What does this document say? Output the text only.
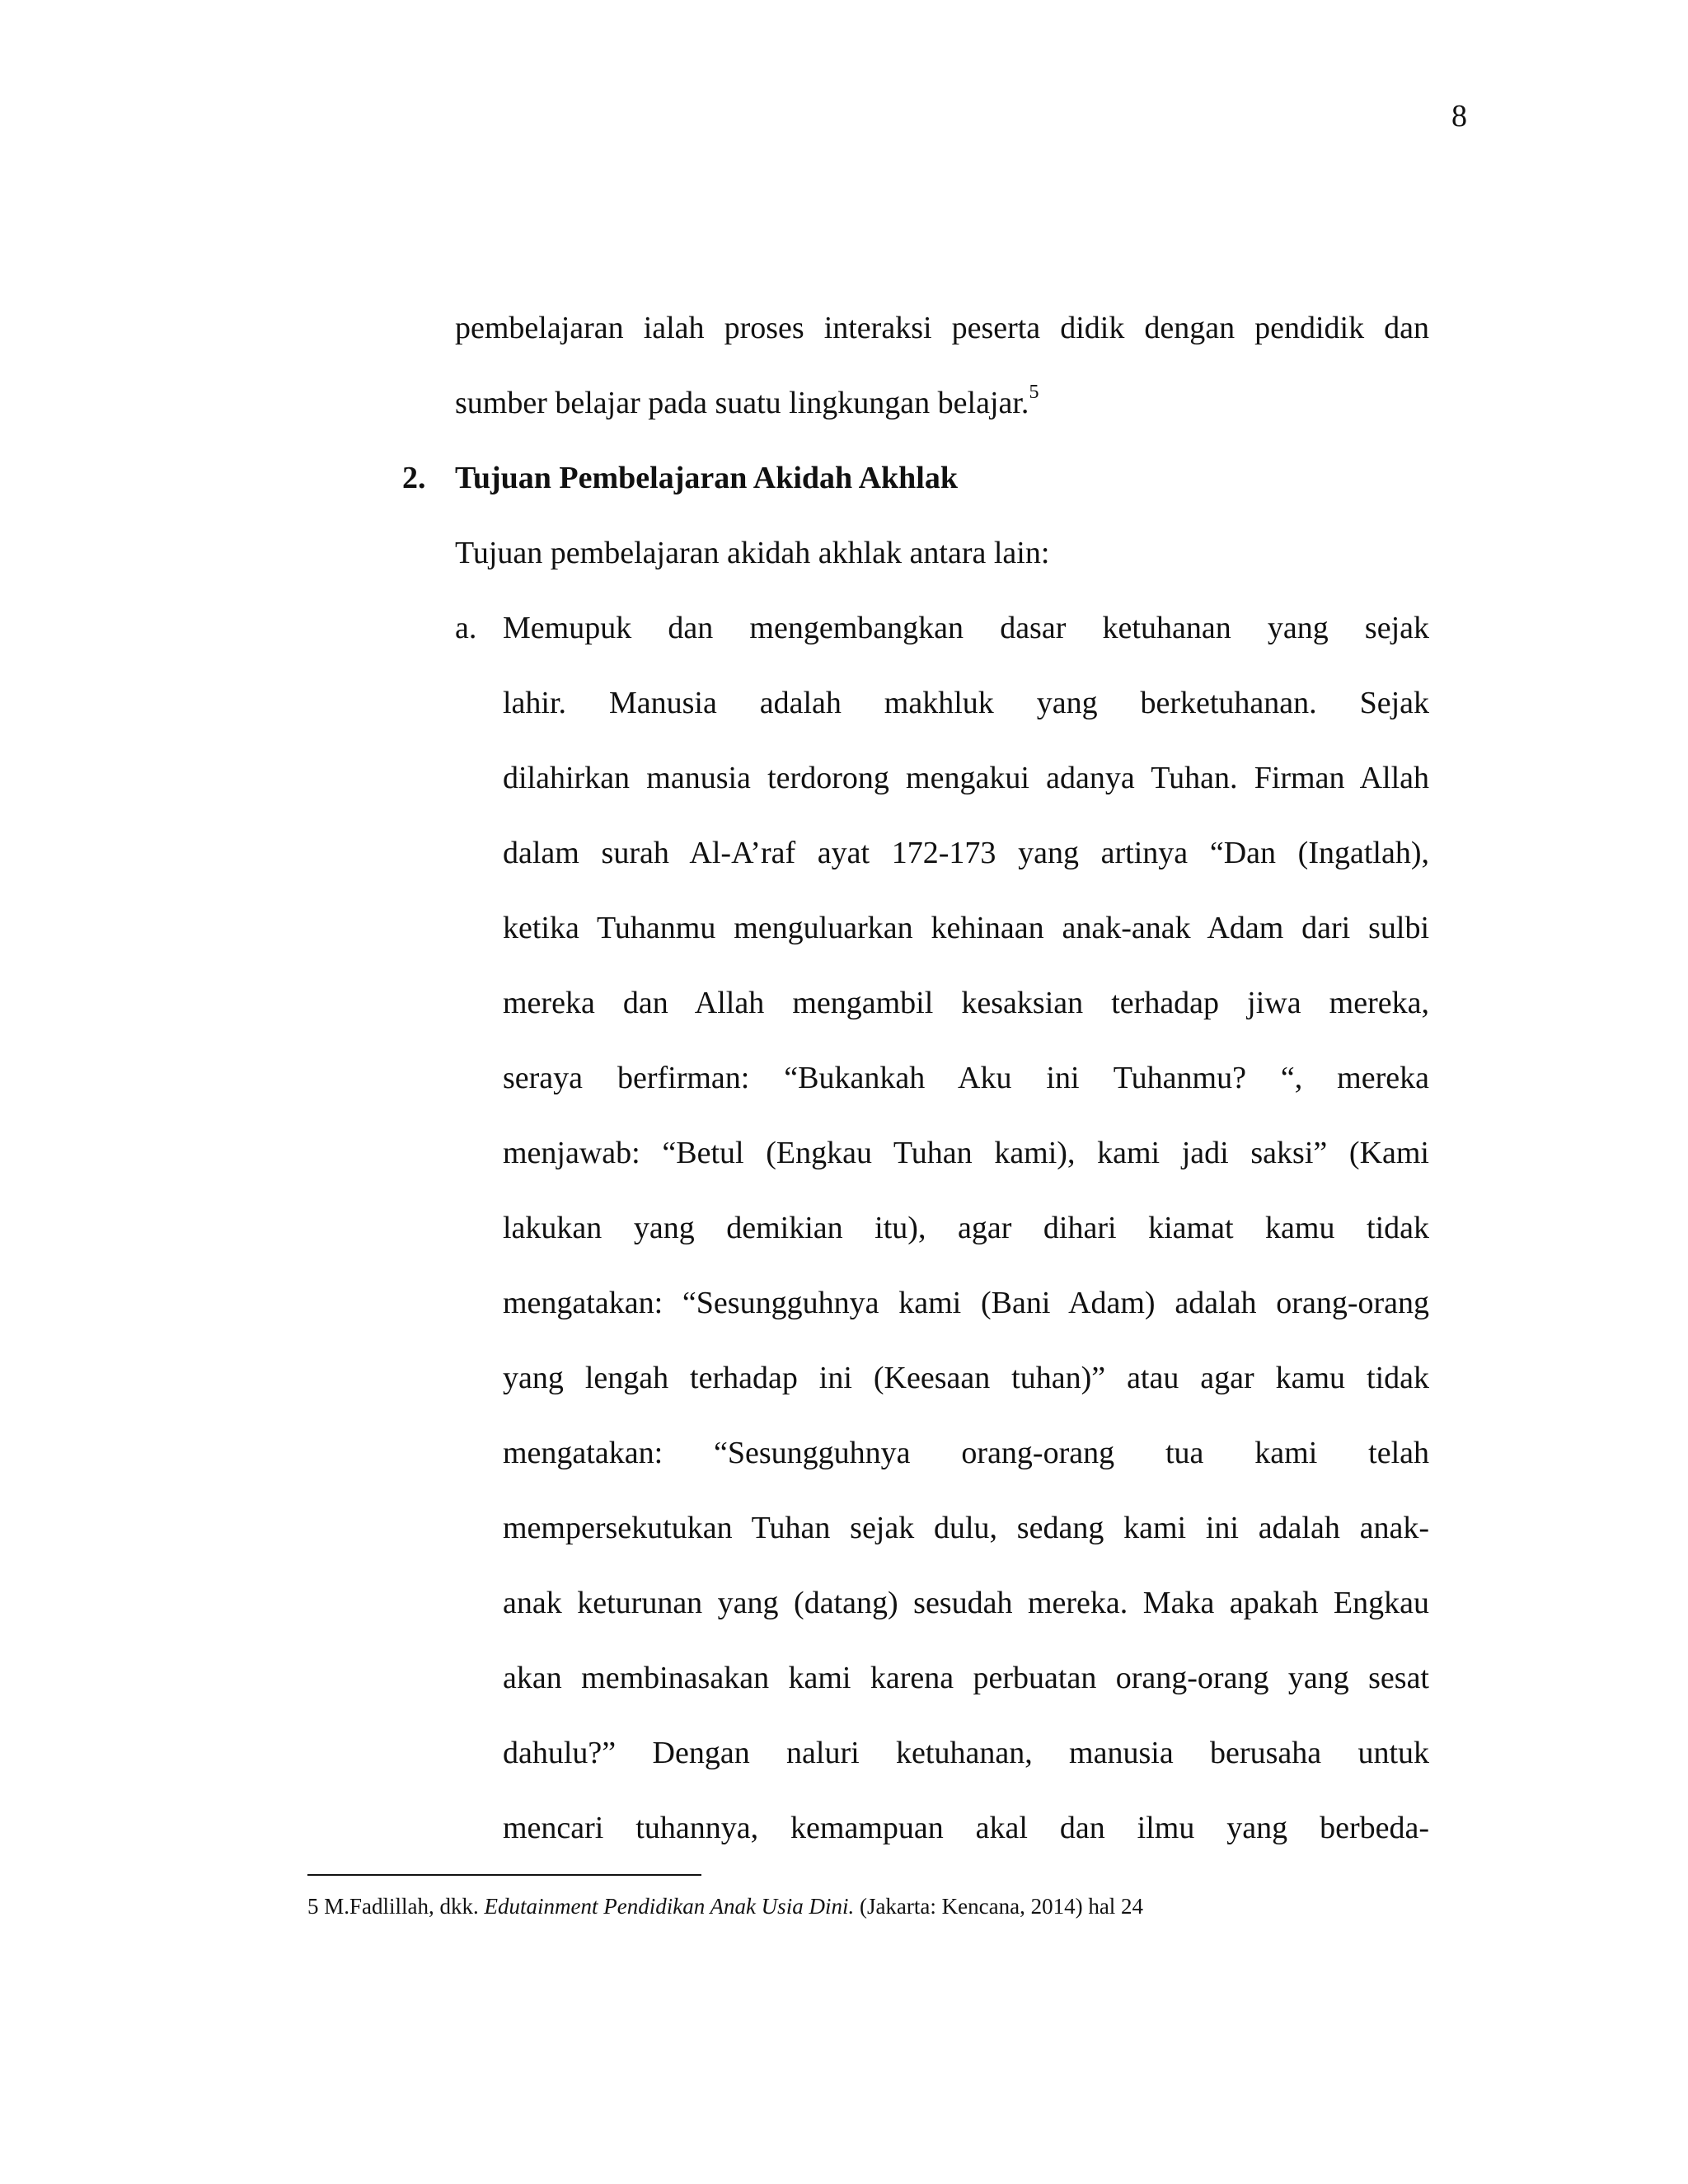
8
pembelajaran ialah proses interaksi peserta didik dengan pendidik dan
sumber belajar pada suatu lingkungan belajar.$^5$
2. Tujuan Pembelajaran Akidah Akhlak
Tujuan pembelajaran akidah akhlak antara lain:
a. Memupuk dan mengembangkan dasar ketuhanan yang sejak
lahir. Manusia adalah makhluk yang berketuhanan. Sejak
dilahirkan manusia terdorong mengakui adanya Tuhan. Firman Allah
dalam surah Al-A’raf ayat 172-173 yang artinya “Dan (Ingatlah),
ketika Tuhanmu menguluarkan kehinaan anak-anak Adam dari sulbi
mereka dan Allah mengambil kesaksian terhadap jiwa mereka,
seraya berfirman: “Bukankah Aku ini Tuhanmu? “, mereka
menjawab: “Betul (Engkau Tuhan kami), kami jadi saksi” (Kami
lakukan yang demikian itu), agar dihari kiamat kamu tidak
mengatakan: “Sesungguhnya kami (Bani Adam) adalah orang-orang
yang lengah terhadap ini (Keesaan tuhan)” atau agar kamu tidak
mengatakan: “Sesungguhnya orang-orang tua kami telah
mempersekutukan Tuhan sejak dulu, sedang kami ini adalah anak-
anak keturunan yang (datang) sesudah mereka. Maka apakah Engkau
akan membinasakan kami karena perbuatan orang-orang yang sesat
dahulu?” Dengan naluri ketuhanan, manusia berusaha untuk
mencari tuhannya, kemampuan akal dan ilmu yang berbeda-
5 M.Fadlillah, dkk. Edutainment Pendidikan Anak Usia Dini. (Jakarta: Kencana, 2014) hal 24
